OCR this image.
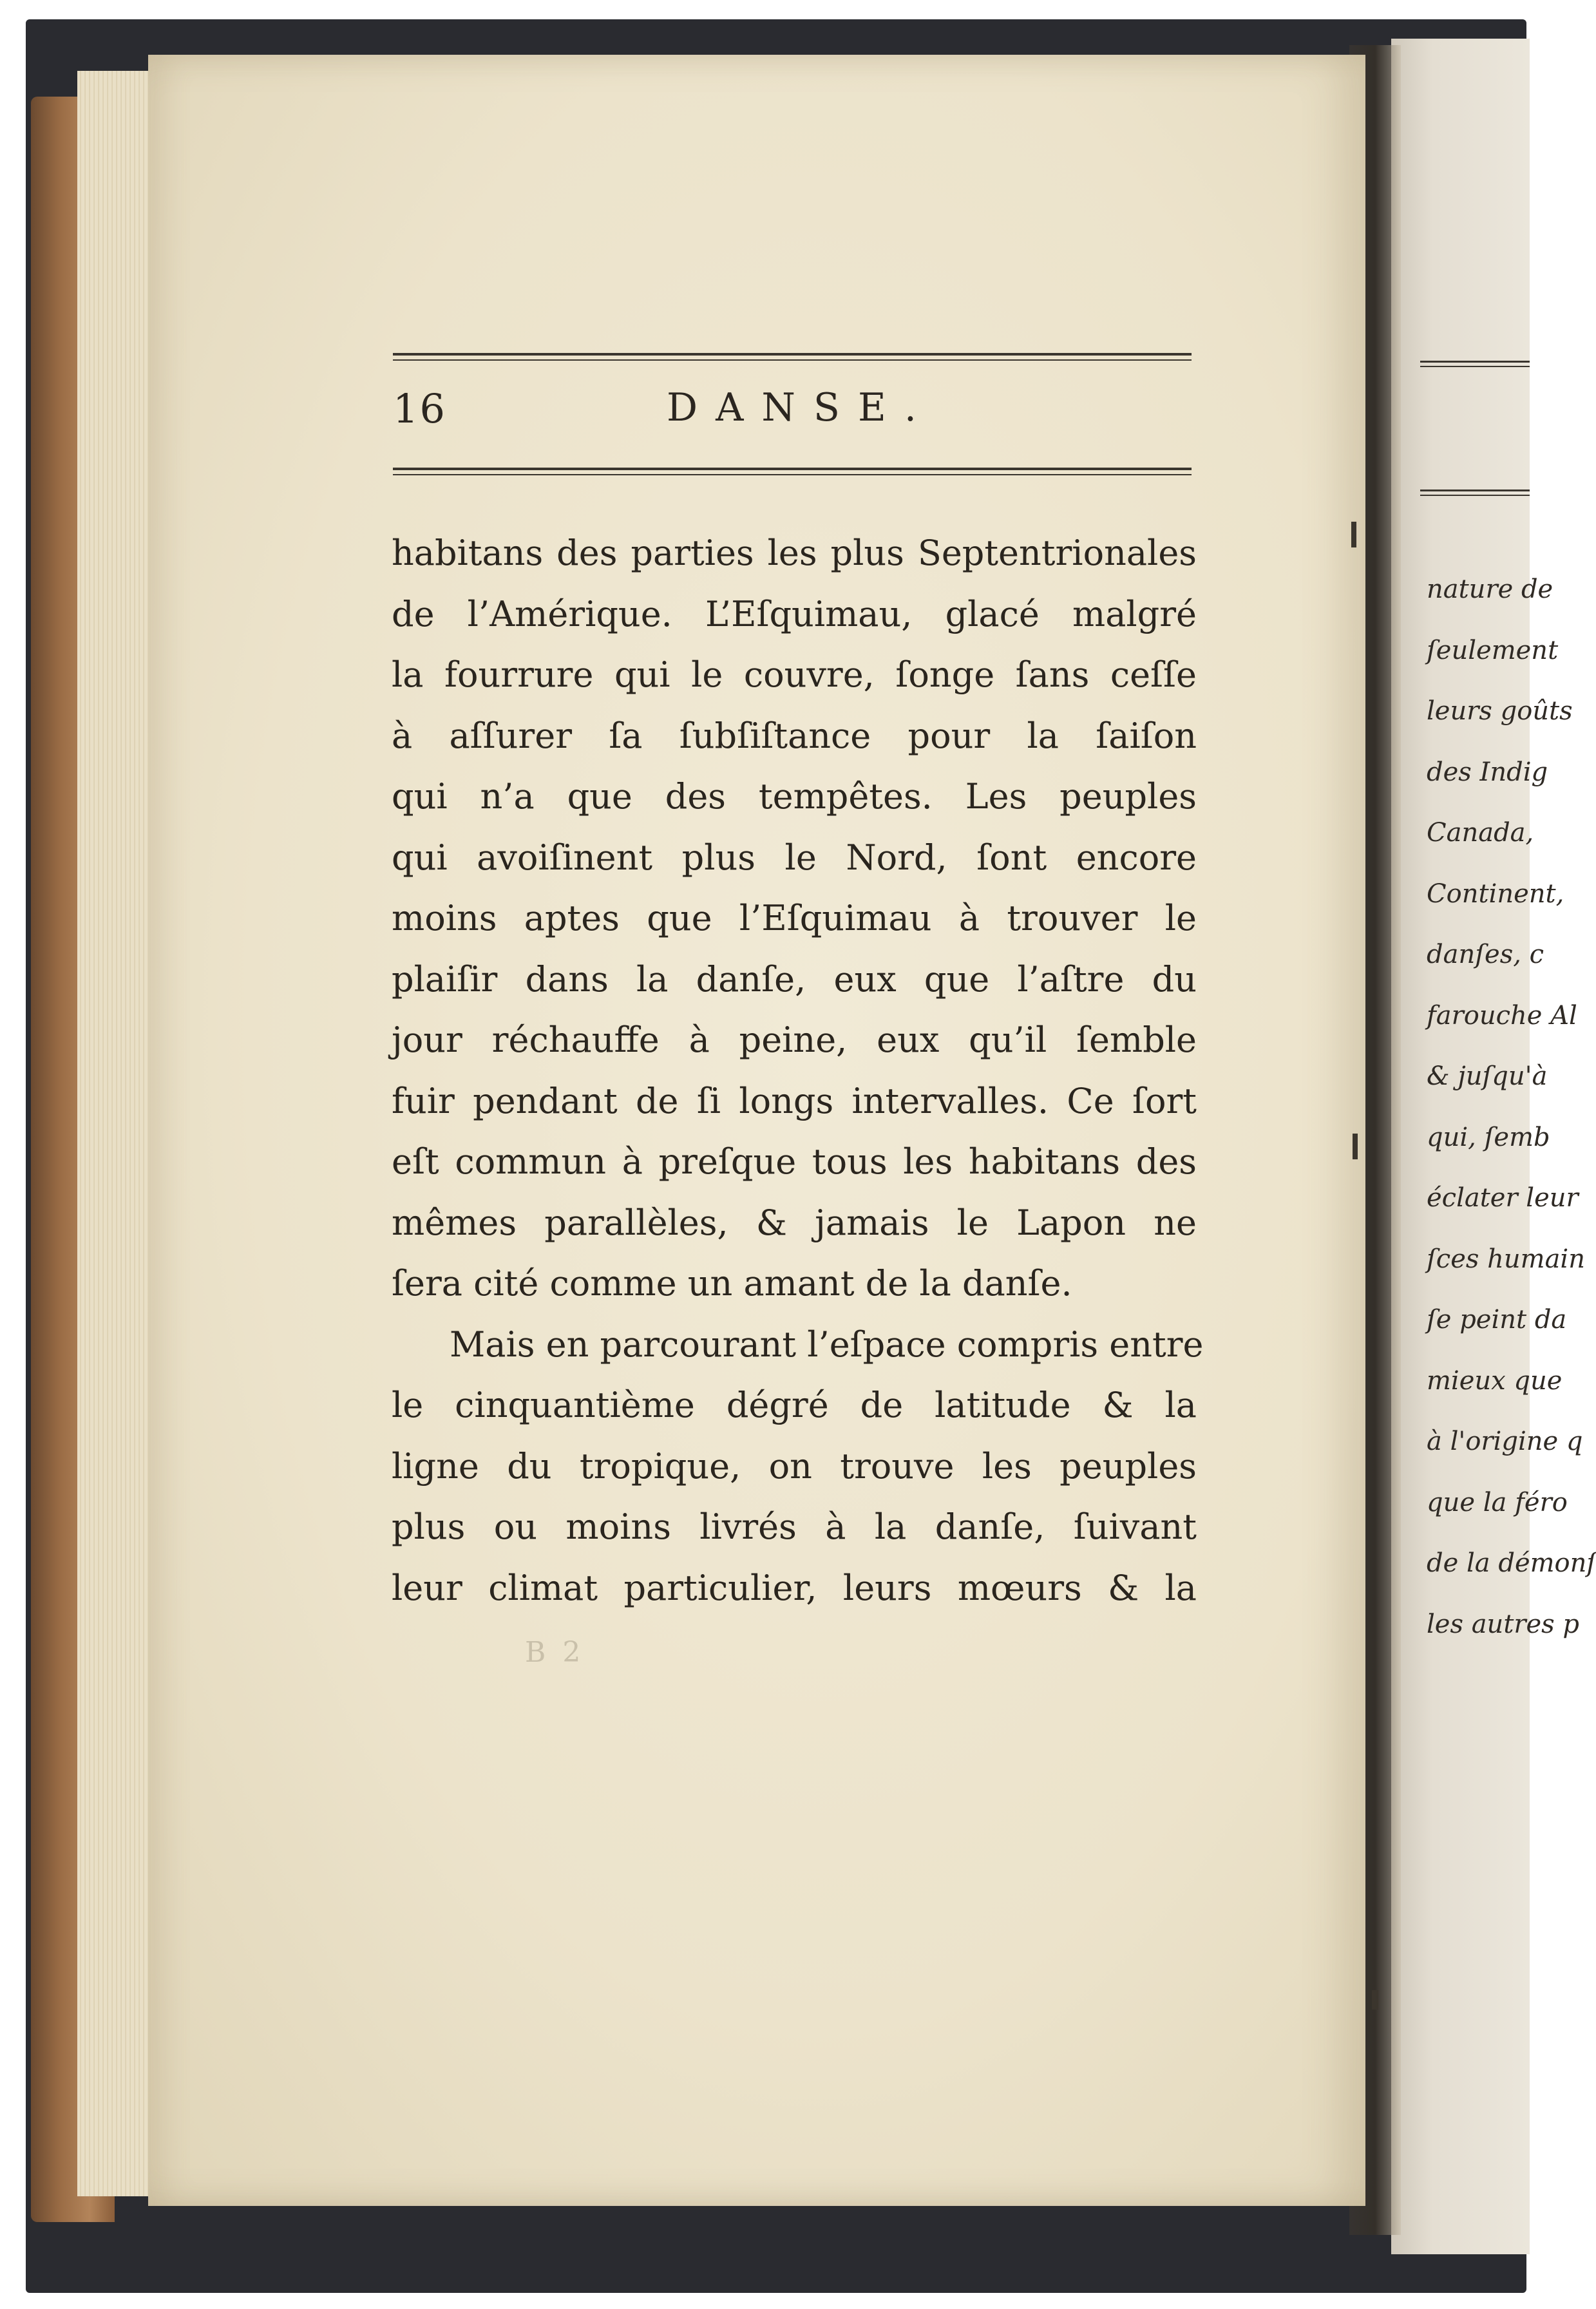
16	DANSE.
habitans des parties les plus Septentrionales
de l’Amérique. L’Eſquimau, glacé malgré
la fourrure qui le couvre, ſonge ſans ceſſe
à aſſurer ſa ſubſiſtance pour la ſaiſon
qui n’a que des tempêtes. Les peuples
qui avoiſinent plus le Nord, ſont encore
moins aptes que l’Eſquimau à trouver le
plaiſir dans la danſe, eux que l’aſtre du
jour réchauffe à peine, eux qu’il ſemble
fuir pendant de ſi longs intervalles. Ce ſort
eſt commun à preſque tous les habitans des
mêmes parallèles, & jamais le Lapon ne
ſera cité comme un amant de la danſe.
Mais en parcourant l’eſpace compris entre
le cinquantième dégré de latitude & la
ligne du tropique, on trouve les peuples
plus ou moins livrés à la danſe, ſuivant
leur climat particulier, leurs mœurs & la
B 2
nature de
ſeulement
leurs goûts
des Indig
Canada,
Continent,
danſes, c
farouche Al
& juſqu'à
qui, ſemb
éclater leur
ſces humain
ſe peint da
mieux que
à l'origine q
que la féro
de la démonſ
les autres p
